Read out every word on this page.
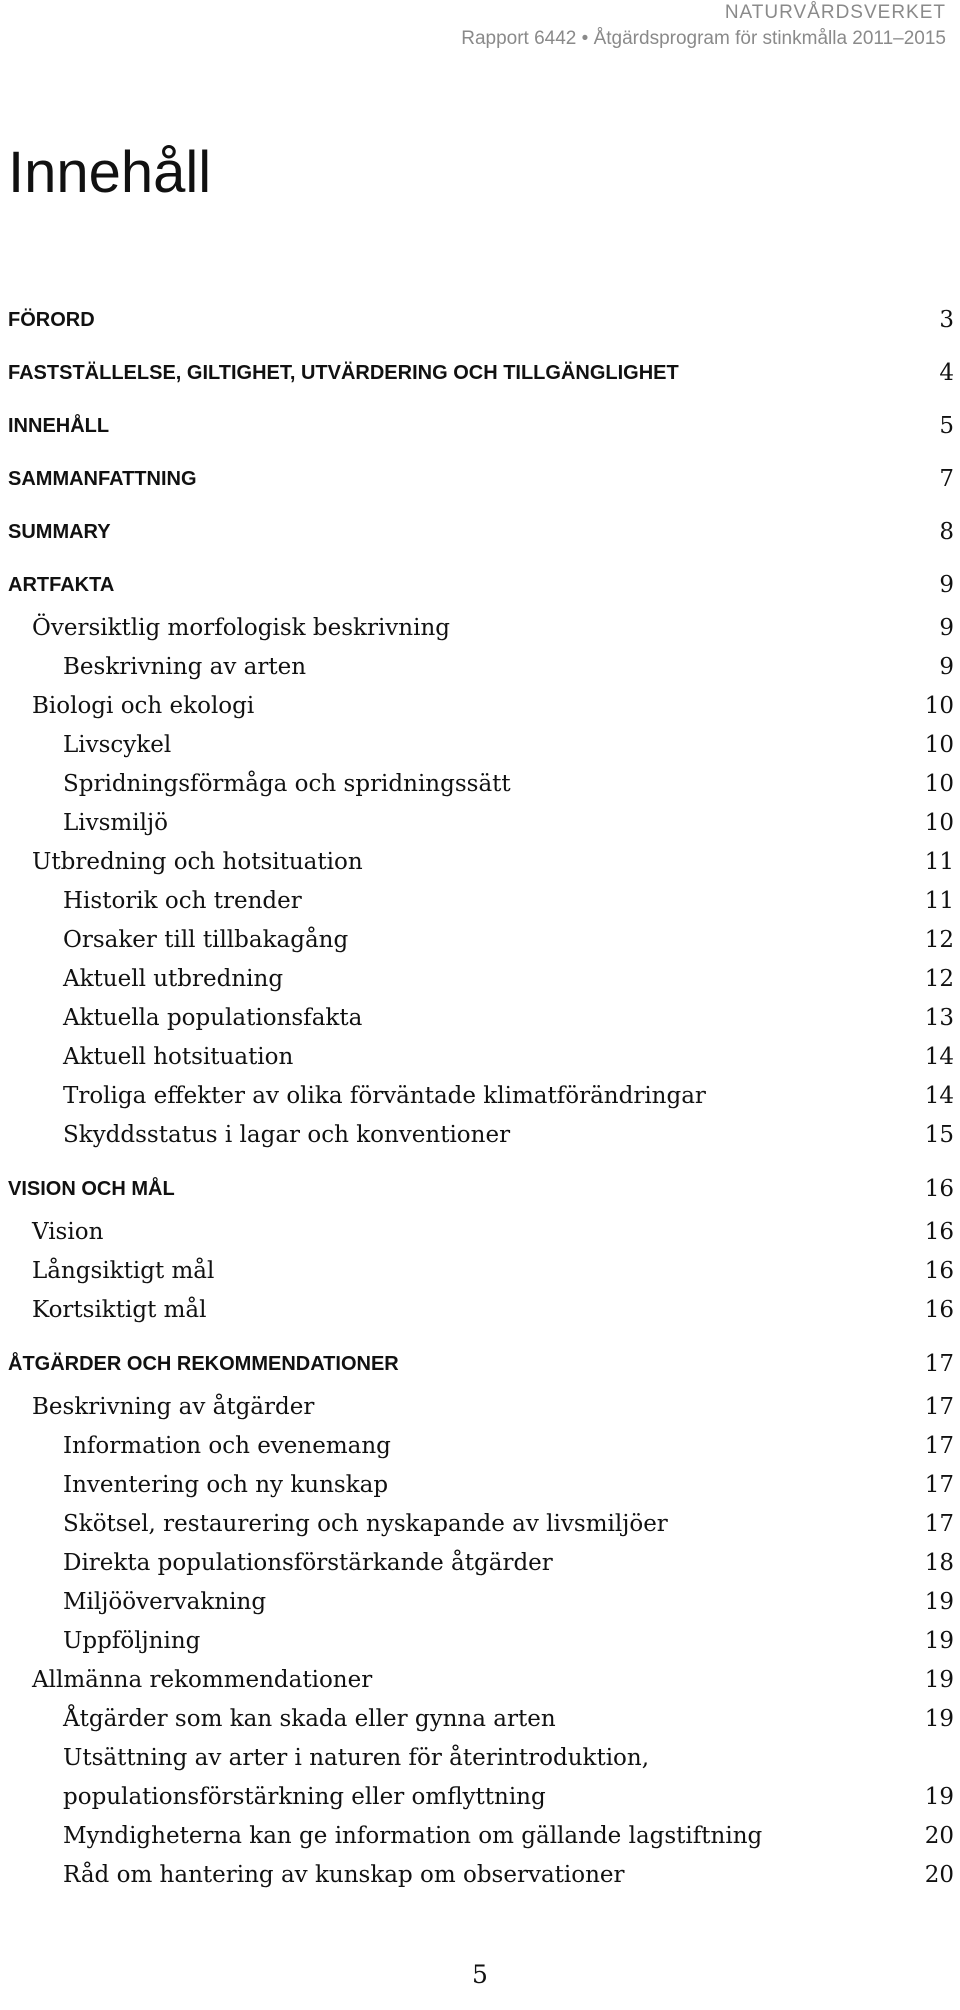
NATURVÅRDSVERKET
Rapport 6442 • Åtgärdsprogram för stinkmålla 2011–2015
Innehåll
FÖRORD	3
FASTSTÄLLELSE, GILTIGHET, UTVÄRDERING OCH TILLGÄNGLIGHET	4
INNEHÅLL	5
SAMMANFATTNING	7
SUMMARY	8
ARTFAKTA	9
Översiktlig morfologisk beskrivning	9
Beskrivning av arten	9
Biologi och ekologi	10
Livscykel	10
Spridningsförmåga och spridningssätt	10
Livsmiljö	10
Utbredning och hotsituation	11
Historik och trender	11
Orsaker till tillbakagång	12
Aktuell utbredning	12
Aktuella populationsfakta	13
Aktuell hotsituation	14
Troliga effekter av olika förväntade klimatförändringar	14
Skyddsstatus i lagar och konventioner	15
VISION OCH MÅL	16
Vision	16
Långsiktigt mål	16
Kortsiktigt mål	16
ÅTGÄRDER OCH REKOMMENDATIONER	17
Beskrivning av åtgärder	17
Information och evenemang	17
Inventering och ny kunskap	17
Skötsel, restaurering och nyskapande av livsmiljöer	17
Direkta populationsförstärkande åtgärder	18
Miljöövervakning	19
Uppföljning	19
Allmänna rekommendationer	19
Åtgärder som kan skada eller gynna arten	19
Utsättning av arter i naturen för återintroduktion,
populationsförstärkning eller omflyttning	19
Myndigheterna kan ge information om gällande lagstiftning	20
Råd om hantering av kunskap om observationer	20
5
